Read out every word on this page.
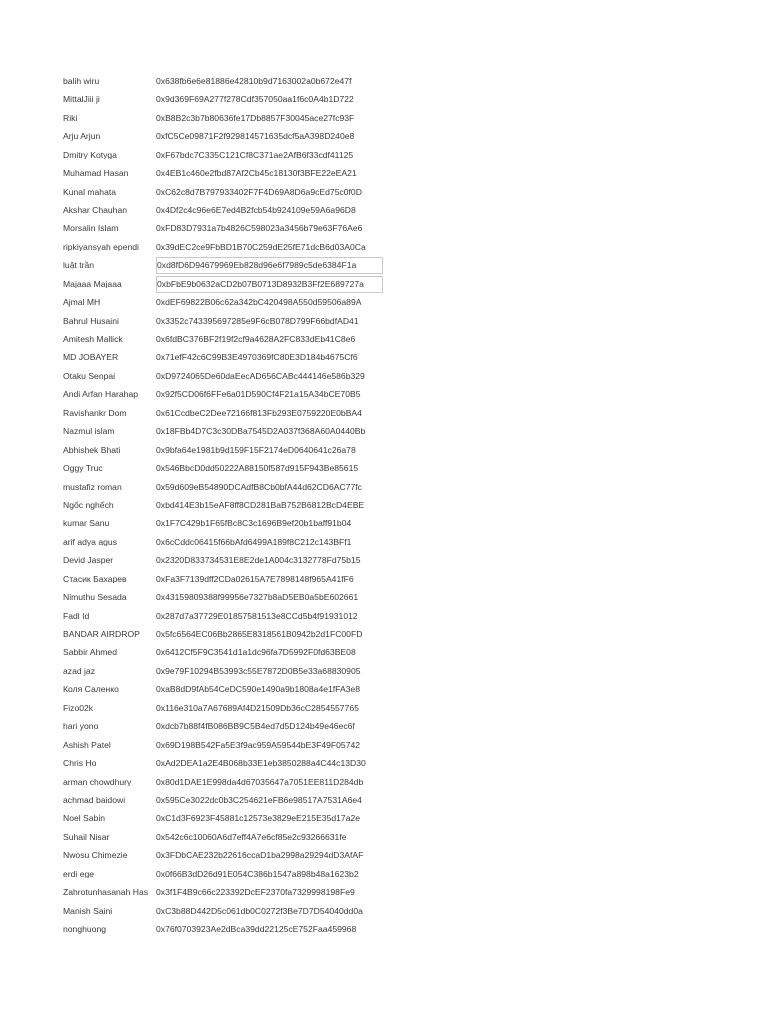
balih wiru	0x638fb6e6e81886e42810b9d7163002a0b672e47f
MittalJiii ji	0x9d369F69A277f278Cdf357050aa1f6c0A4b1D722
Riki	0xB8B2c3b7b80636fe17Db8857F30045ace27fc93F
Arju Arjun	0xfC5Ce09871F2f929814571635dcf5aA398D240e8
Dmitry Kotyga	0xF67bdc7C335C121Cf8C371ae2AfB6f33cdf41125
Muhamad Hasan	0x4EB1c460e2fbd87Af2Cb45c18130f3BFE22eEA21
Kunal mahata	0xC62c8d7B797933402F7F4D69A8D6a9cEd75c0f0D
Akshar Chauhan	0x4Df2c4c96e6E7ed4B2fcb54b924109e59A6a96D8
Morsalin Islam	0xFD83D7931a7b4826C598023a3456b79e63F76Ae6
ripkiyansyah ependi	0x39dEC2ce9FbBD1B70C259dE25fE71dcB6d03A0Ca
luật trần	0xd8fD6D94679969Eb828d96e6f7989c5de6384F1a
Majaaa Majaaa	0xbFbE9b0632aCD2b07B0713D8932B3Ff2E689727a
Ajmal MH	0xdEF69822B06c62a342bC420498A550d59506a89A
Bahrul Husaini	0x3352c743395697285e9F6cB078D799F66bdfAD41
Amitesh Mallick	0x6fdBC376BF2f19f2cf9a4628A2FC833dEb41C8e6
MD JOBAYER	0x71efF42c6C99B3E4970369fC80E3D184b4675Cf6
Otaku Senpai	0xD9724065De60daEecAD656CABc444146e586b329
Andi Arfan Harahap	0x92f5CD06f6FFe6a01D590Cf4F21a15A34bCE70B5
Ravishankr Dom	0x61CcdbeC2Dee72166f813Fb293E0759220E0bBA4
Nazmul islam	0x18FBb4D7C3c30DBa7545D2A037f368A60A0440Bb
Abhishek Bhati	0x9bfa64e1981b9d159F15F2174eD0640641c26a78
Oggy Truc	0x546BbcD0dd50222A88150f587d915F943Be85615
mustafiz roman	0x59d609eB54890DCAdfB8Cb0bfA44d62CD6AC77fc
Ngốc nghếch	0xbd414E3b15eAF8ff8CD281BaB752B6812BcD4EBE
kumar Sanu	0x1F7C429b1F65fBc8C3c1696B9ef20b1baff91b04
arif adya agus	0x6cCddc06415f66bAfd6499A189f8C212c143BFf1
Devid Jasper	0x2320D833734531E8E2de1A004c3132778Fd75b15
Стасик Бахарев	0xFa3F7139dff2CDa02615A7E7898148f965A41fF6
Nimuthu Sesada	0x43159809388f99956e7327b8aD5EB0a5bE602661
Fadl Id	0x287d7a37729E01857581513e8CCd5b4f91931012
BANDAR AIRDROP	0x5fc6564EC06Bb2865E8318561B0942b2d1FC00FD
Sabbir Ahmed	0x6412Cf5F9C3541d1a1dc96fa7D5992F0fd63BE08
azad jaz	0x9e79F10294B53993c55E7872D0B5e33a68830905
Коля Саленко	0xaB8dD9fAb54CeDC590e1490a9b1808a4e1fFA3e8
Fizo02k	0x116e310a7A67689Af4D21509Db36cC2854557765
hari yono	0xdcb7b88f4fB086BB9C5B4ed7d5D124b49e46ec6f
Ashish Patel	0x69D198B542Fa5E3f9ac959A59544bE3F49F05742
Chris Ho	0xAd2DEA1a2E4B068b33E1eb3850288a4C44c13D30
arman chowdhury	0x80d1DAE1E998da4d67035647a7051EE811D284db
achmad baidowi	0x595Ce3022dc0b3C254621eFB6e98517A7531A6e4
Noel Sabin	0xC1d3F6923F45881c12573e3829eE215E35d17a2e
Suhail Nisar	0x542c6c10060A6d7eff4A7e6cf85e2c93266631fe
Nwosu Chimezie	0x3FDbCAE232b22616ccaD1ba2998a29294dD3AfAF
erdi ege	0x0f66B3dD26d91E054C386b1547a898b48a1623b2
Zahrotunhasanah Has 0x3f1F4B9c66c223392DcEF2370fa7329998198Fe9
Manish Saini	0xC3b88D442D5c061db0C0272f3Be7D7D54040dd0a
nonghuong	0x76f0703923Ae2dBca39dd22125cE752Faa459968
